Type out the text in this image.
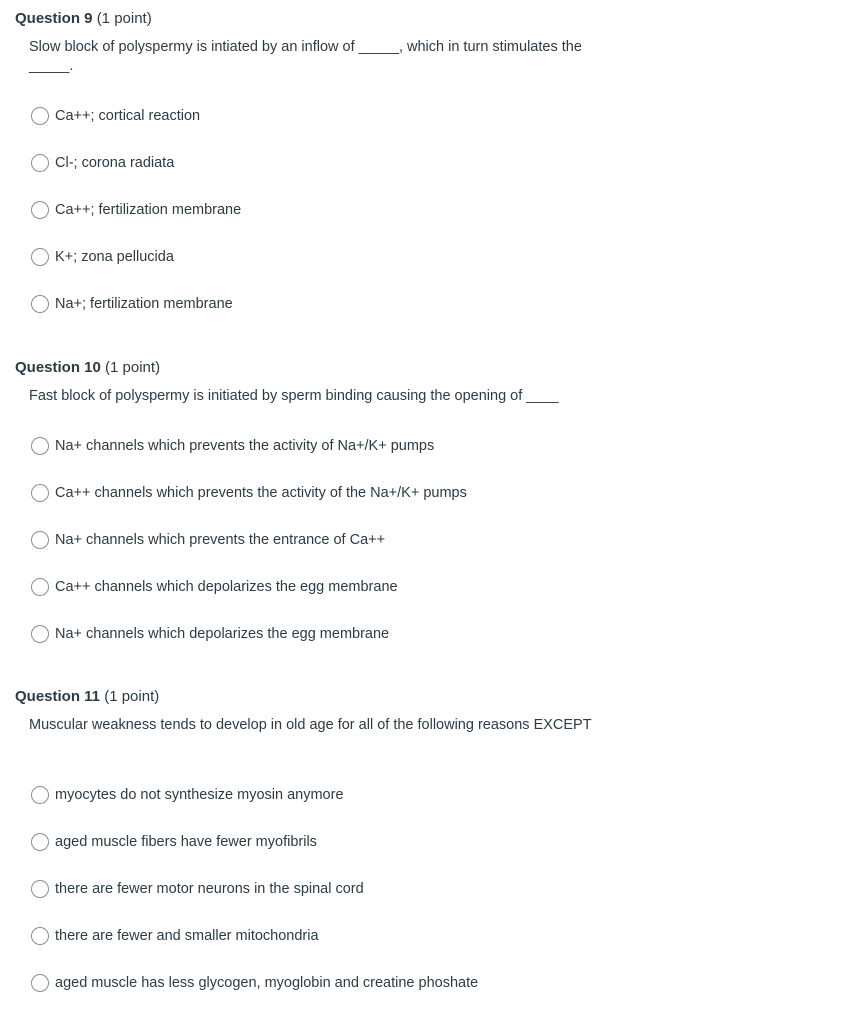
Question 9 (1 point)
Slow block of polyspermy is intiated by an inflow of _____, which in turn stimulates the _____.
Ca++; cortical reaction
Cl-; corona radiata
Ca++; fertilization membrane
K+; zona pellucida
Na+; fertilization membrane
Question 10 (1 point)
Fast block of polyspermy is initiated by sperm binding causing the opening of ____
Na+ channels which prevents the activity of Na+/K+ pumps
Ca++ channels which prevents the activity of the Na+/K+ pumps
Na+ channels which prevents the entrance of Ca++
Ca++ channels which depolarizes the egg membrane
Na+ channels which depolarizes the egg membrane
Question 11 (1 point)
Muscular weakness tends to develop in old age for all of the following reasons EXCEPT
myocytes do not synthesize myosin anymore
aged muscle fibers have fewer myofibrils
there are fewer motor neurons in the spinal cord
there are fewer and smaller mitochondria
aged muscle has less glycogen, myoglobin and creatine phoshate
